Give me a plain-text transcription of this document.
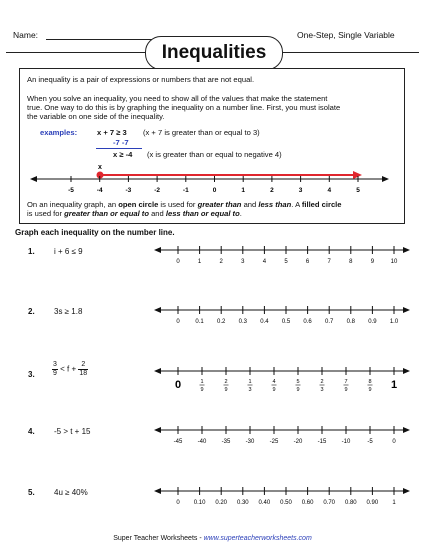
Name:	One-Step, Single Variable
Inequalities
An inequality is a pair of expressions or numbers that are not equal.
When you solve an inequality, you need to show all of the values that make the statement
true. One way to do this is by graphing the inequality on a number line. First, you must isolate
the variable on one side of the inequality.
examples:	x + 7 ≥ 3 (x + 7 is greater than or equal to 3)
-7 -7
x ≥ -4 (x is greater than or equal to negative 4)
x
-5	-4	-3	-2	-1	0	1	2	3	4	5
On an inequality graph, an open circle is used for greater than and less than. A filled circle
is used for greater than or equal to and less than or equal to.
Graph each inequality on the number line.
1. i + 6 ≤ 9
2. 3s ≥ 1.8
3. $\frac{3}{9} < f + \frac{2}{18}$
4. -5 > t + 15
5. 4u ≥ 40%
0	1	2	3	4	5	6	7	8	9	10
0	0.1 0.2 0.3 0.4 0.5 0.6 0.7 0.8 0.9 1.0
0	1
9
2
9
1
3
4
9
5
9
2
3
7
9
8
9 1
-45	-40	-35	-30	-25	-20	-15	-10	-5	0
0 0.10 0.20 0.30 0.40 0.50 0.60 0.70 0.80 0.90 1
Super Teacher Worksheets - www.superteacherworksheets.com
